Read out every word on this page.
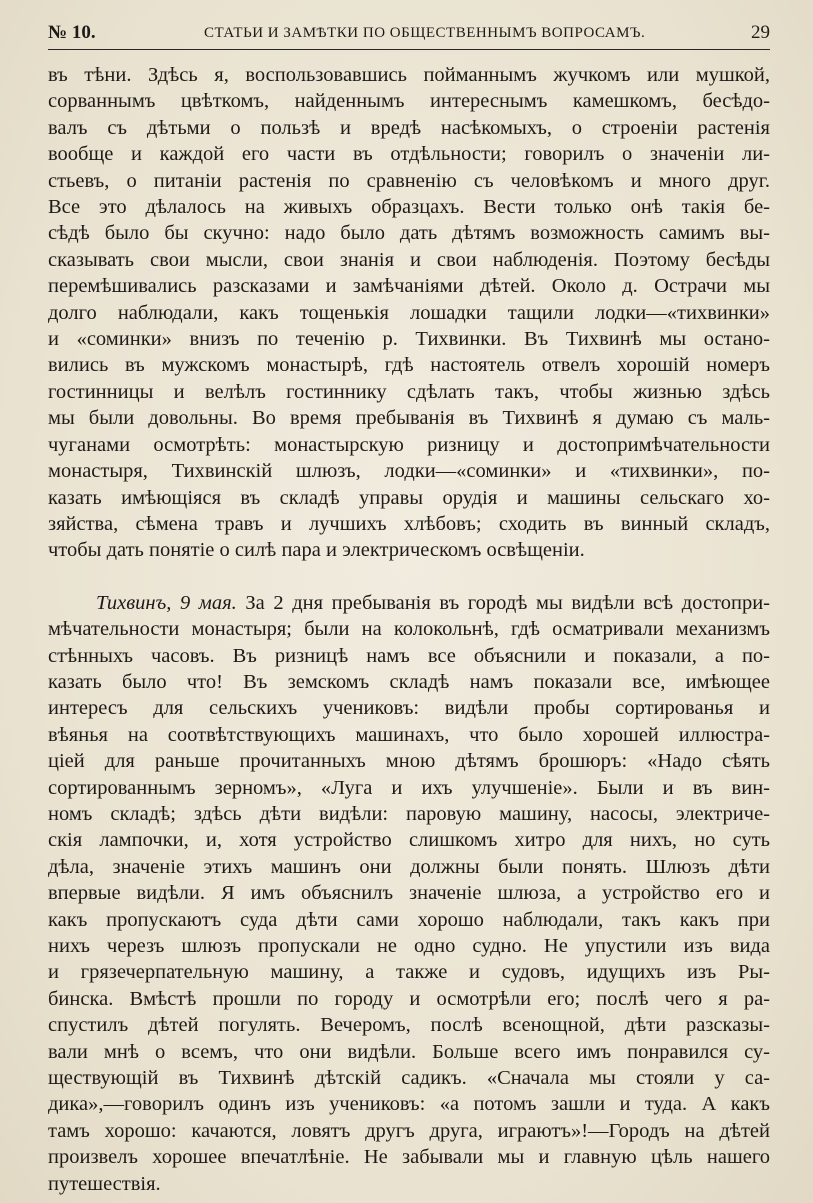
№ 10.	СТАТЬИ И ЗАМѢТКИ ПО ОБЩЕСТВЕННЫМЪ ВОПРОСАМЪ.	29

въ тѣни. Здѣсь я, воспользовавшись пойманнымъ жучкомъ или мушкой,

сорваннымъ цвѣткомъ, найденнымъ интереснымъ камешкомъ, бесѣдо-

валъ съ дѣтьми о пользѣ и вредѣ насѣкомыхъ, о строеніи растенія

вообще и каждой его части въ отдѣльности; говорилъ о значеніи ли-

стьевъ, о питаніи растенія по сравненію съ человѣкомъ и много друг.

Все это дѣлалось на живыхъ образцахъ. Вести только онѣ такія бе-

сѣдѣ было бы скучно: надо было дать дѣтямъ возможность самимъ вы-

сказывать свои мысли, свои знанія и свои наблюденія. Поэтому бесѣды

перемѣшивались разсказами и замѣчаніями дѣтей. Около д. Острачи мы

долго наблюдали, какъ тощенькія лошадки тащили лодки—«тихвинки»

и «соминки» внизъ по теченію р. Тихвинки. Въ Тихвинѣ мы остано-

вились въ мужскомъ монастырѣ, гдѣ настоятель отвелъ хорошій номеръ

гостинницы и велѣлъ гостиннику сдѣлать такъ, чтобы жизнью здѣсь

мы были довольны. Во время пребыванія въ Тихвинѣ я думаю съ маль-

чуганами осмотрѣть: монастырскую ризницу и достопримѣчательности

монастыря, Тихвинскій шлюзъ, лодки—«соминки» и «тихвинки», по-

казать имѣющіяся въ складѣ управы орудія и машины сельскаго хо-

зяйства, сѣмена травъ и лучшихъ хлѣбовъ; сходить въ винный складъ,

чтобы дать понятіе о силѣ пара и электрическомъ освѣщеніи.

Тихвинъ, 9 мая. За 2 дня пребыванія въ городѣ мы видѣли всѣ достопри-

мѣчательности монастыря; были на колокольнѣ, гдѣ осматривали механизмъ

стѣнныхъ часовъ. Въ ризницѣ намъ все объяснили и показали, а по-

казать было что! Въ земскомъ складѣ намъ показали все, имѣющее

интересъ для сельскихъ учениковъ: видѣли пробы сортированья и

вѣянья на соотвѣтствующихъ машинахъ, что было хорошей иллюстра-

ціей для раньше прочитанныхъ мною дѣтямъ брошюръ: «Надо сѣять

сортированнымъ зерномъ», «Луга и ихъ улучшеніе». Были и въ вин-

номъ складѣ; здѣсь дѣти видѣли: паровую машину, насосы, электриче-

скія лампочки, и, хотя устройство слишкомъ хитро для нихъ, но суть

дѣла, значеніе этихъ машинъ они должны были понять. Шлюзъ дѣти

впервые видѣли. Я имъ объяснилъ значеніе шлюза, а устройство его и

какъ пропускаютъ суда дѣти сами хорошо наблюдали, такъ какъ при

нихъ черезъ шлюзъ пропускали не одно судно. Не упустили изъ вида

и грязечерпательную машину, а также и судовъ, идущихъ изъ Ры-

бинска. Вмѣстѣ прошли по городу и осмотрѣли его; послѣ чего я ра-

спустилъ дѣтей погулять. Вечеромъ, послѣ всенощной, дѣти разсказы-

вали мнѣ о всемъ, что они видѣли. Больше всего имъ понравился су-

ществующій въ Тихвинѣ дѣтскій садикъ. «Сначала мы стояли у са-

дика»,—говорилъ одинъ изъ учениковъ: «а потомъ зашли и туда. А какъ

тамъ хорошо: качаются, ловятъ другъ друга, играютъ»!—Городъ на дѣтей

произвелъ хорошее впечатлѣніе. Не забывали мы и главную цѣль нашего

путешествія.
